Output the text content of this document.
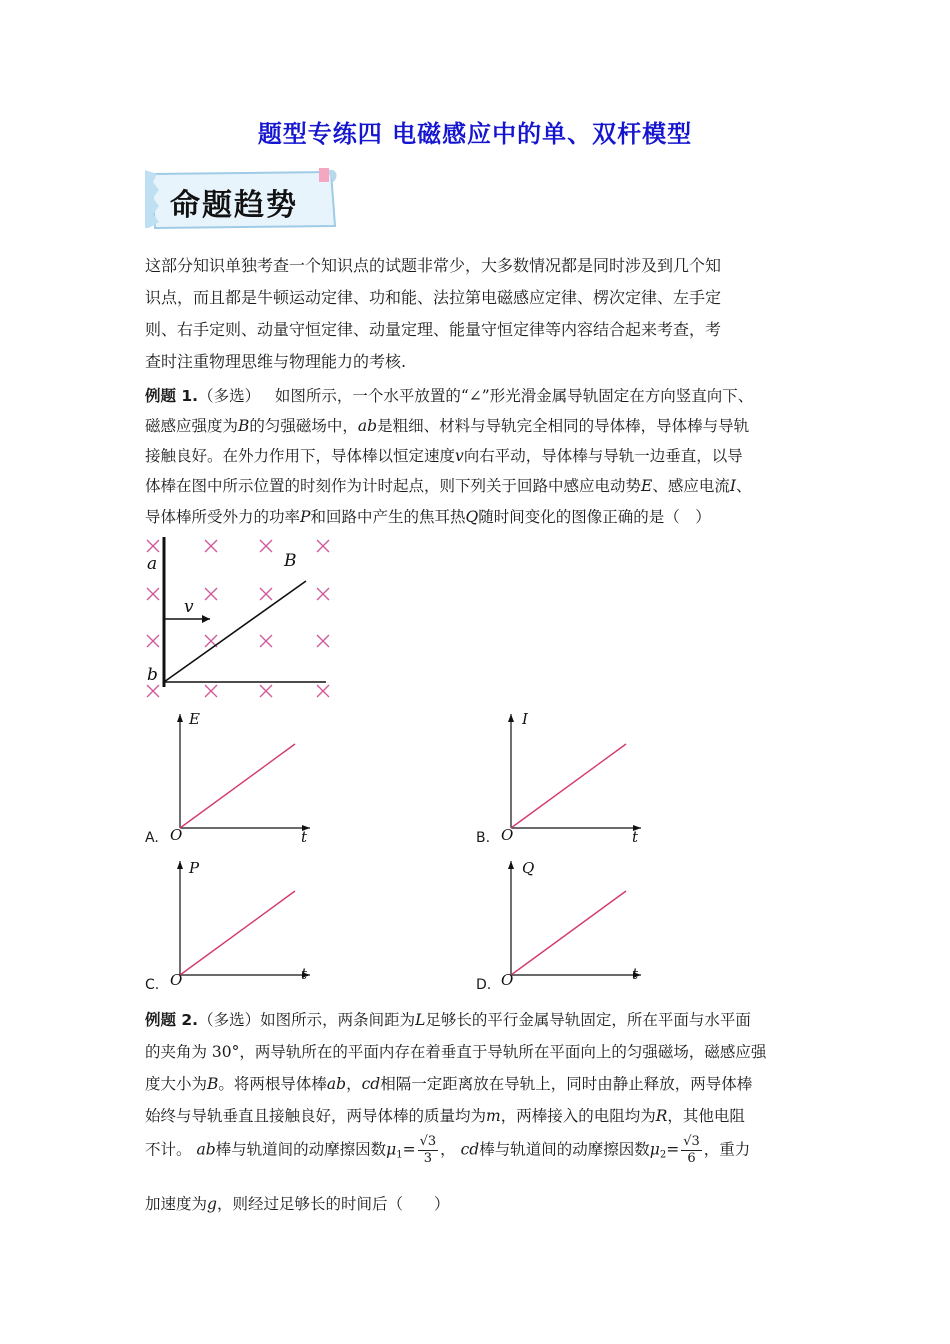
题型专练四 电磁感应中的单、双杆模型
命题趋势
这部分知识单独考查一个知识点的试题非常少，大多数情况都是同时涉及到几个知
识点，而且都是牛顿运动定律、功和能、法拉第电磁感应定律、楞次定律、左手定
则、右手定则、动量守恒定律、动量定理、能量守恒定律等内容结合起来考查，考
查时注重物理思维与物理能力的考核.
例题 1.（多选） 如图所示，一个水平放置的“∠”形光滑金属导轨固定在方向竖直向下、
磁感应强度为B的匀强磁场中，ab是粗细、材料与导轨完全相同的导体棒，导体棒与导轨
接触良好。在外力作用下，导体棒以恒定速度v向右平动，导体棒与导轨一边垂直，以导
体棒在图中所示位置的时刻作为计时起点，则下列关于回路中感应电动势E、感应电流I、
导体棒所受外力的功率P和回路中产生的焦耳热Q随时间变化的图像正确的是（　）
a
b
B
v
E
t
O
A.
I
t
O
B.
P
t
O
C.
Q
t
O
D.
例题 2.（多选）如图所示，两条间距为L足够长的平行金属导轨固定，所在平面与水平面
的夹角为 30°，两导轨所在的平面内存在着垂直于导轨所在平面向上的匀强磁场，磁感应强
度大小为B。将两根导体棒ab，cd相隔一定距离放在导轨上，同时由静止释放，两导体棒
始终与导轨垂直且接触良好，两导体棒的质量均为m，两棒接入的电阻均为R，其他电阻
不计。 ab棒与轨道间的动摩擦因数$\mu_1= \frac{√3}{3}$ ， cd棒与轨道间的动摩擦因数$\mu_2= \frac{√3}{6}$ ，重力
加速度为g，则经过足够长的时间后（　　）
